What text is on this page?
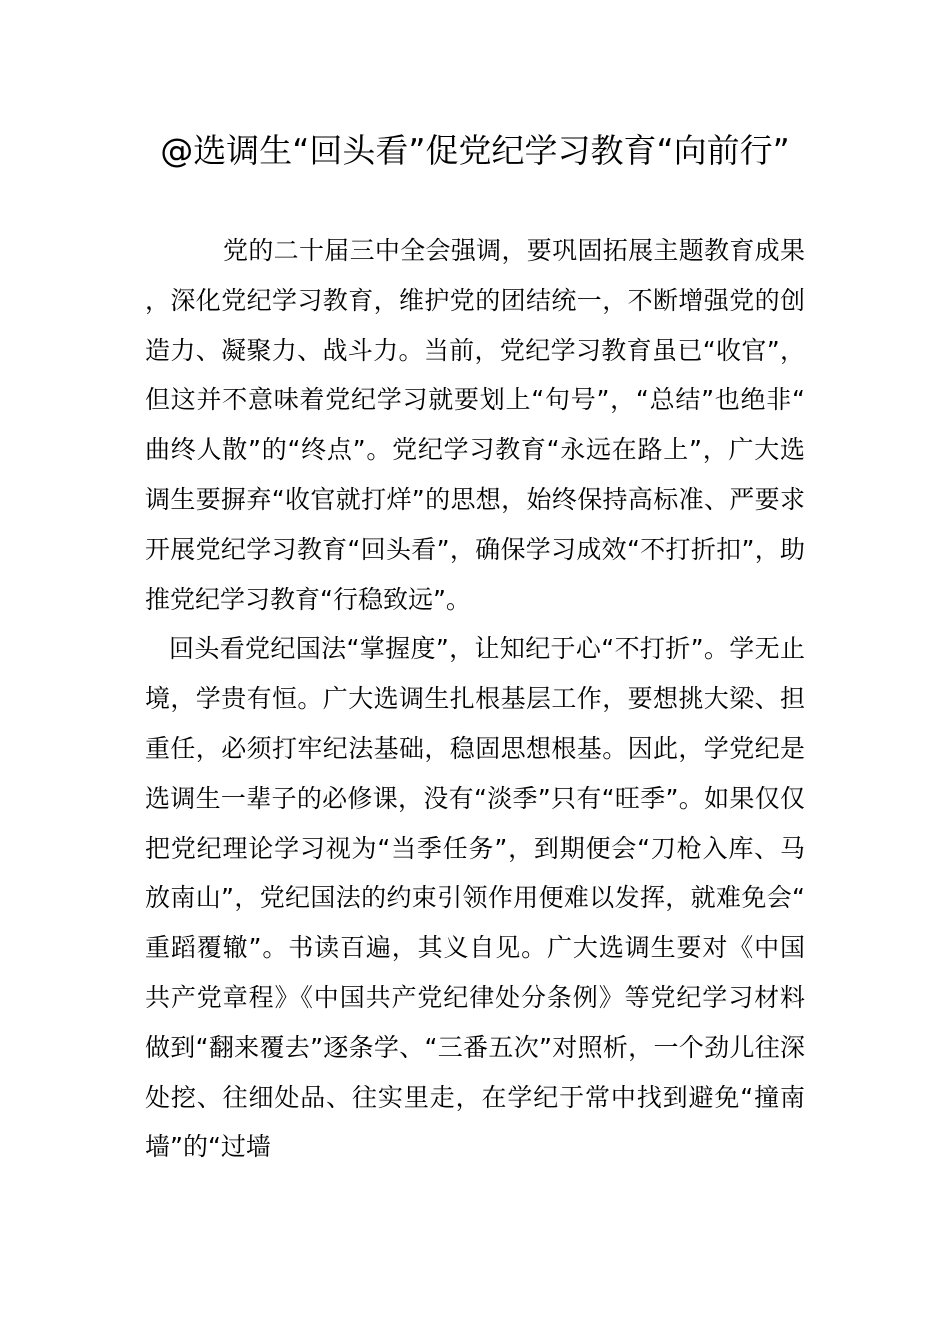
@选调生“回头看”促党纪学习教育“向前行”

党的二十届三中全会强调，要巩固拓展主题教育成果，深化党纪学习教育，维护党的团结统一，不断增强党的创造力、凝聚力、战斗力。当前，党纪学习教育虽已“收官”，但这并不意味着党纪学习就要划上“句号”，“总结”也绝非“曲终人散”的“终点”。党纪学习教育“永远在路上”，广大选调生要摒弃“收官就打烊”的思想，始终保持高标准、严要求开展党纪学习教育“回头看”，确保学习成效“不打折扣”，助推党纪学习教育“行稳致远”。

回头看党纪国法“掌握度”，让知纪于心“不打折”。学无止境，学贵有恒。广大选调生扎根基层工作，要想挑大梁、担重任，必须打牢纪法基础，稳固思想根基。因此，学党纪是选调生一辈子的必修课，没有“淡季”只有“旺季”。如果仅仅把党纪理论学习视为“当季任务”，到期便会“刀枪入库、马放南山”，党纪国法的约束引领作用便难以发挥，就难免会“重蹈覆辙”。书读百遍，其义自见。广大选调生要对《中国共产党章程》《中国共产党纪律处分条例》等党纪学习材料做到“翻来覆去”逐条学、“三番五次”对照析，一个劲儿往深处挖、往细处品、往实里走，在学纪于常中找到避免“撞南墙”的“过墙
